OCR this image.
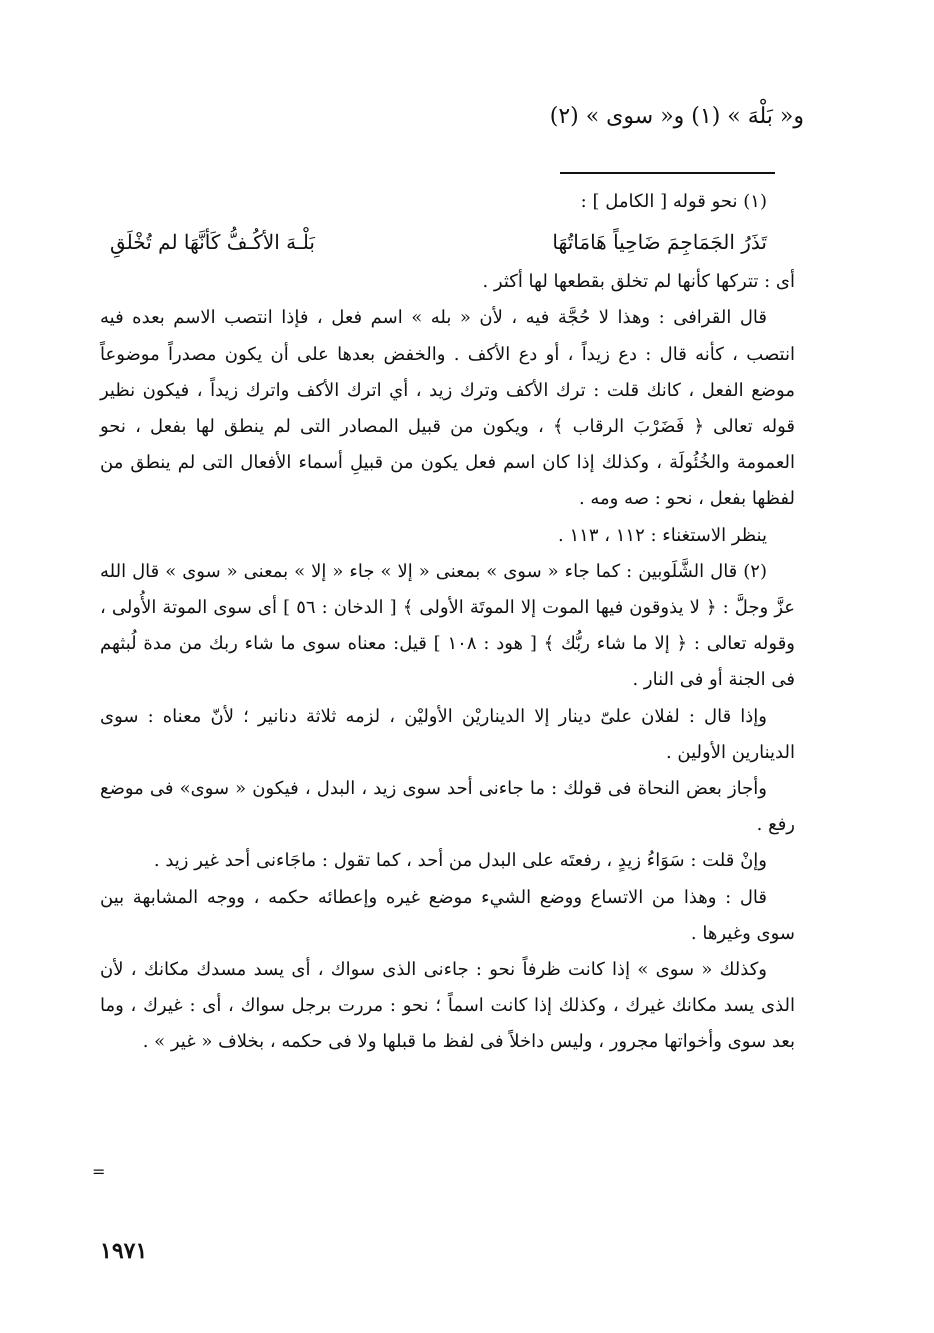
و« بَلْهَ » (١) و« سوى » (٢)

(١) نحو قوله [ الكامل ] :

تَذَرُ الجَمَاجِمَ ضَاحِياً هَامَاتُهَا
بَلْـهَ الأكُـفُّ كَأنَّهَا لم تُخْلَقِ

أى : تتركها كأنها لم تخلق بقطعها لها أكثر .

قال القرافى : وهذا لا حُجَّة فيه ، لأن « بله » اسم فعل ، فإذا انتصب الاسم بعده فيه انتصب ، كأنه قال : دع زيداً ، أو دع الأكف . والخفض بعدها على أن يكون مصدراً موضوعاً موضع الفعل ، كانك قلت : ترك الأكف وترك زيد ، أي اترك الأكف واترك زيداً ، فيكون نظير قوله تعالى ﴿ فَضَرْبَ الرقاب ﴾ ، ويكون من قبيل المصادر التى لم ينطق لها بفعل ، نحو العمومة والخُئُولَة ، وكذلك إذا كان اسم فعل يكون من قبيلِ أسماء الأفعال التى لم ينطق من لفظها بفعل ، نحو : صه ومه .

ينظر الاستغناء : ١١٢ ، ١١٣ .

(٢) قال الشَّلَوبين : كما جاء « سوى » بمعنى « إلا » جاء « إلا » بمعنى « سوى » قال الله عزَّ وجلَّ : ﴿ لا يذوقون فيها الموت إلا الموتَة الأولى ﴾ [ الدخان : ٥٦ ] أى سوى الموتة الأُولى ، وقوله تعالى : ﴿ إلا ما شاء ربُّك ﴾ [ هود : ١٠٨ ] قيل: معناه سوى ما شاء ربك من مدة لُبثهم فى الجنة أو فى النار .

وإذا قال : لفلان علىّ دينار إلا الديناريْن الأوليْن ، لزمه ثلاثة دنانير ؛ لأنّ معناه : سوى الدينارين الأولين .

وأجاز بعض النحاة فى قولك : ما جاءنى أحد سوى زيد ، البدل ، فيكون « سوى» فى موضع رفع .

وإنْ قلت : سَوَاءُ زيدٍ ، رفعتَه على البدل من أحد ، كما تقول : ماجَاءنى أحد غير زيد .

قال : وهذا من الاتساع ووضع الشيء موضع غيره وإعطائه حكمه ، ووجه المشابهة بين سوى وغيرها .

وكذلك « سوى » إذا كانت ظرفاً نحو : جاءنى الذى سواك ، أى يسد مسدك مكانك ، لأن الذى يسد مكانك غيرك ، وكذلك إذا كانت اسماً ؛ نحو : مررت برجل سواك ، أى : غيرك ، وما بعد سوى وأخواتها مجرور ، وليس داخلاً فى لفظ ما قبلها ولا فى حكمه ، بخلاف « غير » .

=
١٩٧١
